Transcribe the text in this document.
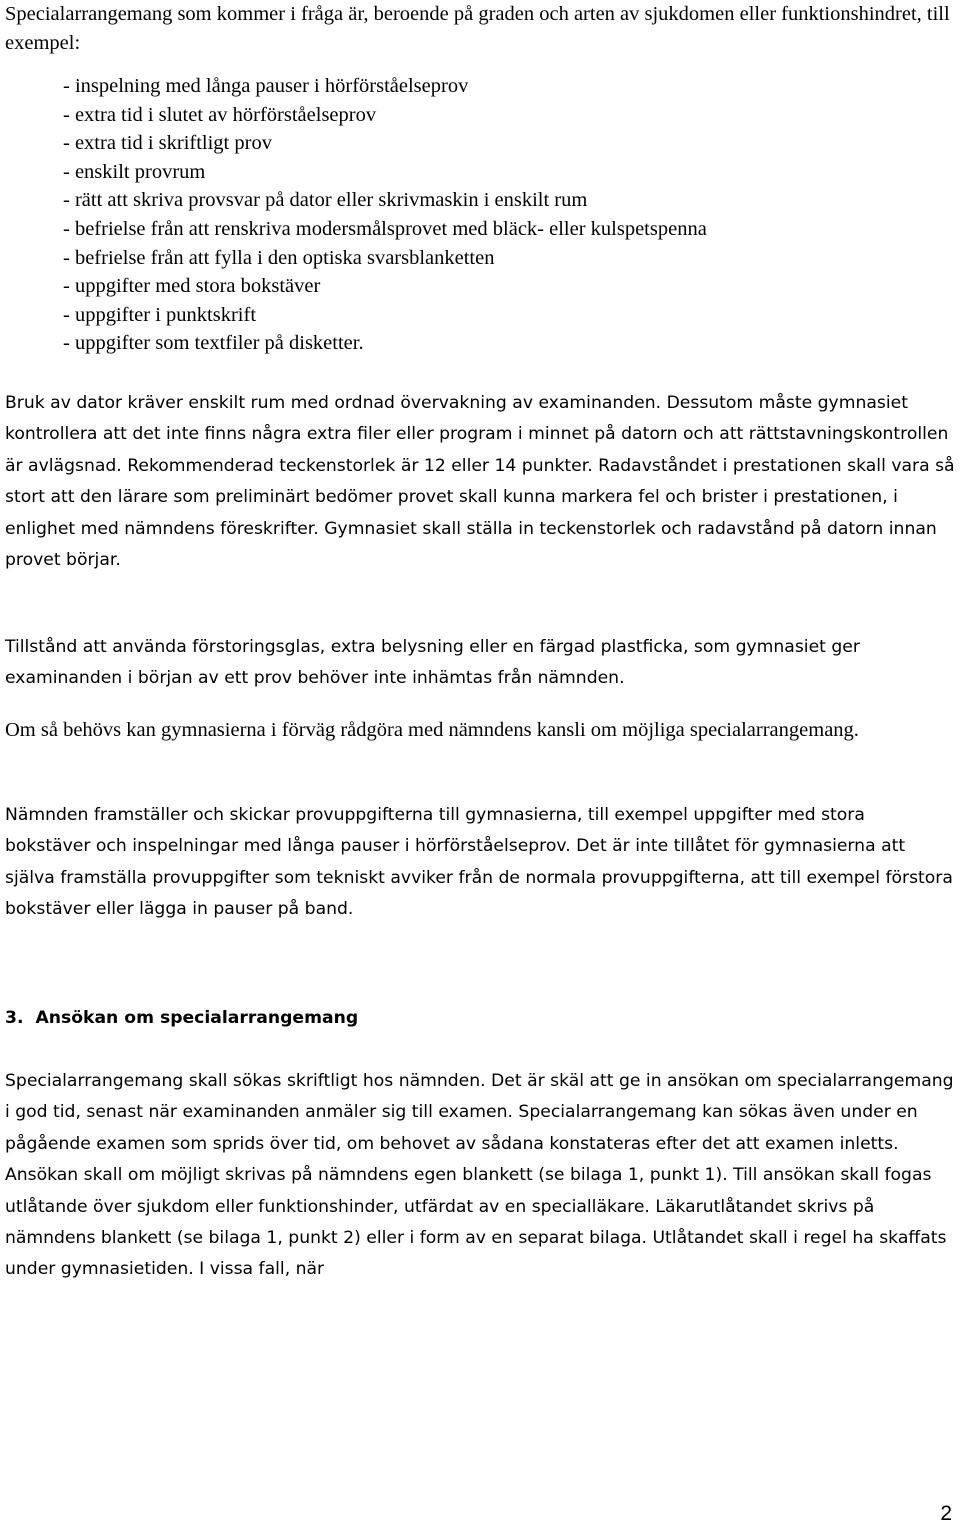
Specialarrangemang som kommer i fråga är, beroende på graden och arten av sjukdomen eller funktionshindret, till exempel:

- inspelning med långa pauser i hörförståelseprov
- extra tid i slutet av hörförståelseprov
- extra tid i skriftligt prov
- enskilt provrum
- rätt att skriva provsvar på dator eller skrivmaskin i enskilt rum
- befrielse från att renskriva modersmålsprovet med bläck- eller kulspetspenna
- befrielse från att fylla i den optiska svarsblanketten
- uppgifter med stora bokstäver
- uppgifter i punktskrift
- uppgifter som textfiler på disketter.

Bruk av dator kräver enskilt rum med ordnad övervakning av examinanden. Dessutom måste gymnasiet kontrollera att det inte finns några extra filer eller program i minnet på datorn och att rättstavningskontrollen är avlägsnad. Rekommenderad teckenstorlek är 12 eller 14 punkter. Radavståndet i prestationen skall vara så stort att den lärare som preliminärt bedömer provet skall kunna markera fel och brister i prestationen, i enlighet med nämndens föreskrifter. Gymnasiet skall ställa in teckenstorlek och radavstånd på datorn innan provet börjar.

Tillstånd att använda förstoringsglas, extra belysning eller en färgad plastficka, som gymnasiet ger examinanden i början av ett prov behöver inte inhämtas från nämnden.

Om så behövs kan gymnasierna i förväg rådgöra med nämndens kansli om möjliga specialarrangemang.

Nämnden framställer och skickar provuppgifterna till gymnasierna, till exempel uppgifter med stora bokstäver och inspelningar med långa pauser i hörförståelseprov. Det är inte tillåtet för gymnasierna att själva framställa provuppgifter som tekniskt avviker från de normala provuppgifterna, att till exempel förstora bokstäver eller lägga in pauser på band.

3.  Ansökan om specialarrangemang

Specialarrangemang skall sökas skriftligt hos nämnden. Det är skäl att ge in ansökan om specialarrangemang i god tid, senast när examinanden anmäler sig till examen. Specialarrangemang kan sökas även under en pågående examen som sprids över tid, om behovet av sådana konstateras efter det att examen inletts. Ansökan skall om möjligt skrivas på nämndens egen blankett (se bilaga 1, punkt 1). Till ansökan skall fogas utlåtande över sjukdom eller funktionshinder, utfärdat av en specialläkare. Läkarutlåtandet skrivs på nämndens blankett (se bilaga 1, punkt 2) eller i form av en separat bilaga. Utlåtandet skall i regel ha skaffats under gymnasietiden. I vissa fall, när

2
